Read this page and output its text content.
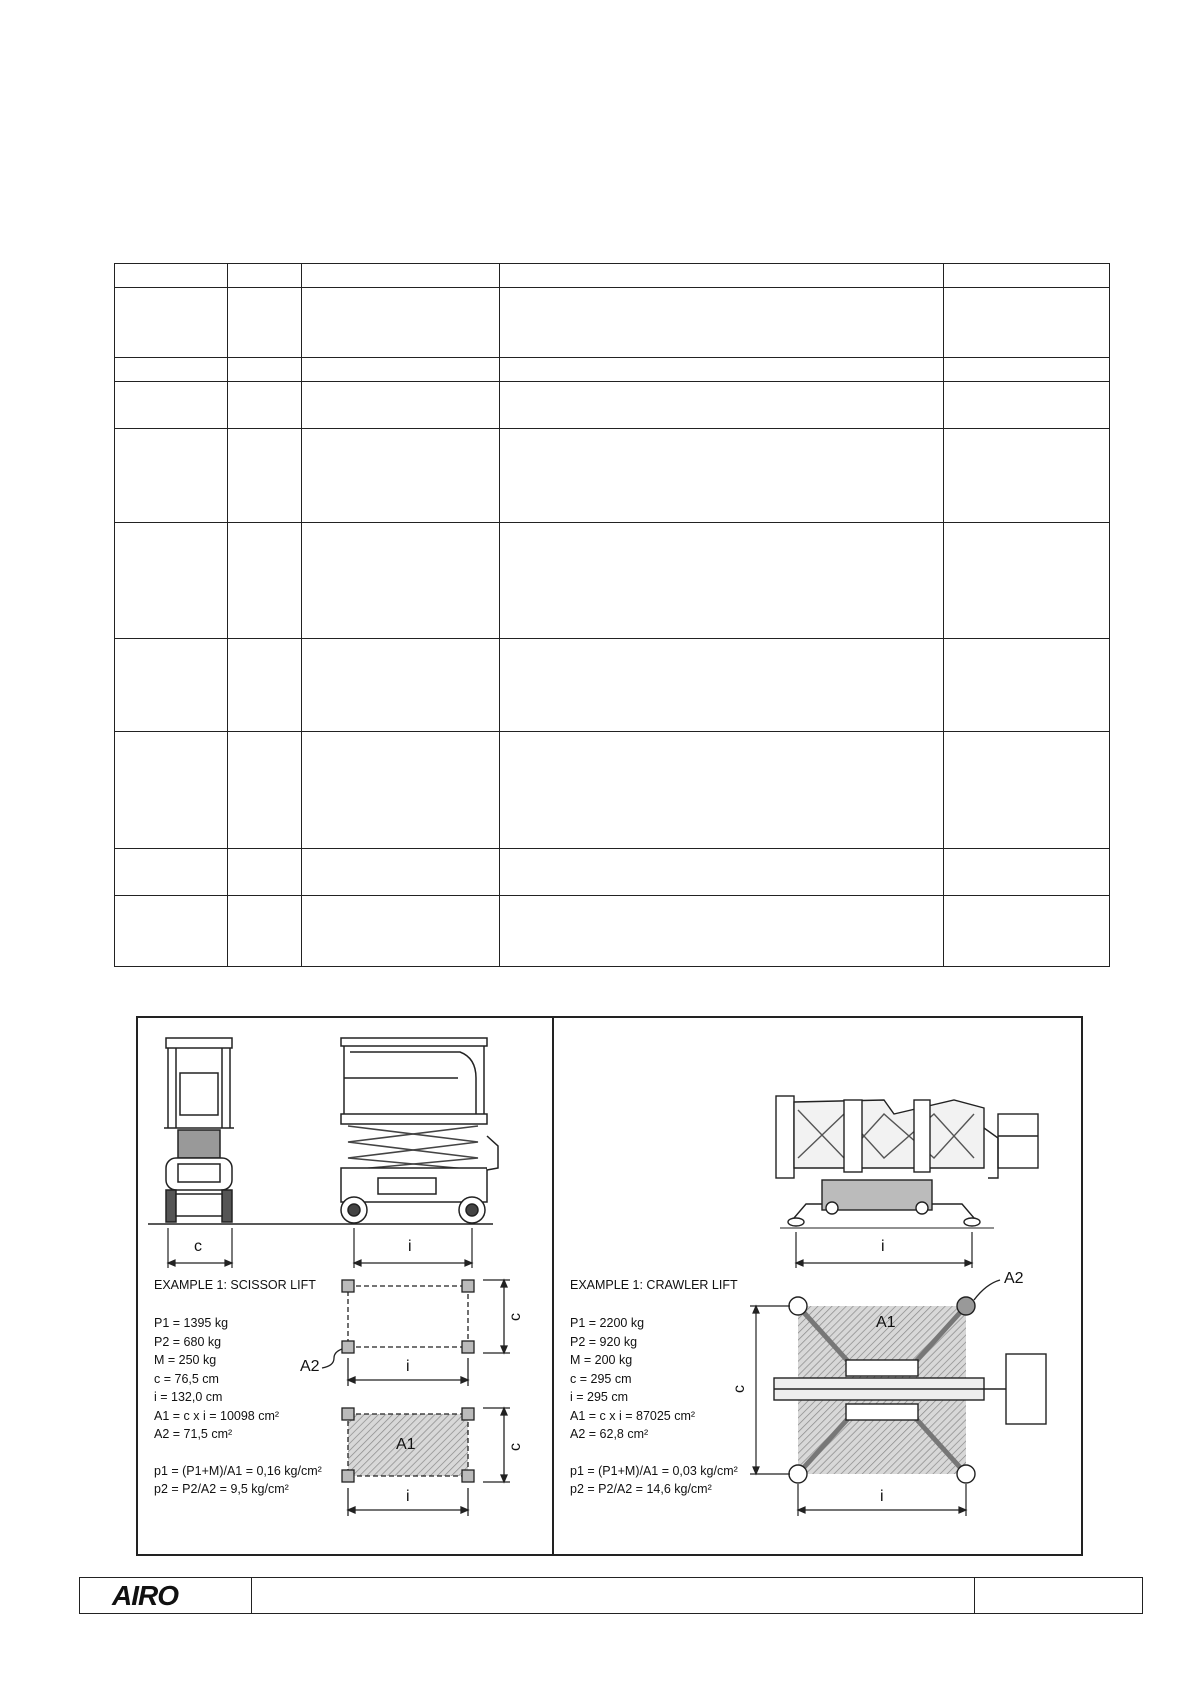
c	i
c
i
A2
A1	c
i
EXAMPLE 1: SCISSOR LIFT
P1 = 1395 kg
P2 = 680 kg
M = 250 kg
c = 76,5 cm
i = 132,0 cm
A1 = c x i = 10098 cm²
A2 = 71,5 cm²
p1 = (P1+M)/A1 = 0,16 kg/cm²
p2 = P2/A2 = 9,5 kg/cm²
i
A2
A1
c
i
EXAMPLE 1: CRAWLER LIFT
P1 = 2200 kg
P2 = 920 kg
M = 200 kg
c = 295 cm
i = 295 cm
A1 = c x i = 87025 cm²
A2 = 62,8 cm²
p1 = (P1+M)/A1 = 0,03 kg/cm²
p2 = P2/A2 = 14,6 kg/cm²
AIRO
